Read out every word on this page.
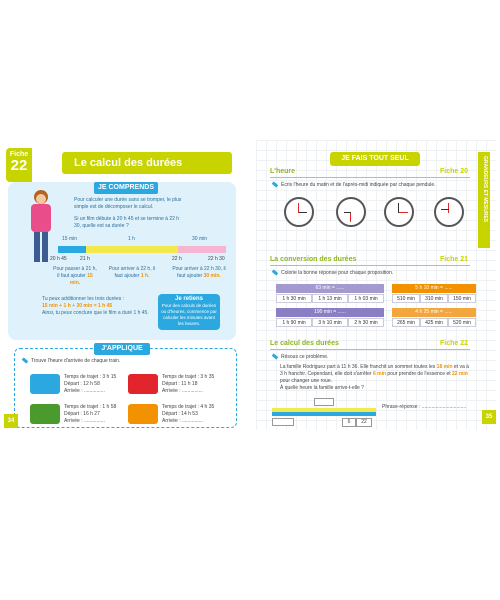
Fiche
22	Le calcul des durées
JE COMPRENDS
Pour calculer une durée sans se tromper, le plus simple est de décomposer le calcul.
Si un film débute à 20 h 45 et se termine à 22 h 30, quelle est sa durée ?
15 min	1 h	30 min
20 h 45	21 h	22 h	22 h 30
Pour passer à 21 h, il faut ajouter 15 min.
Pour arriver à 22 h, il faut ajouter 1 h.
Pour arriver à 22 h 30, il faut ajouter 30 min.
Tu peux additionner les trois durées :
15 min + 1 h + 30 min = 1 h 45
Ainsi, tu peux conclure que le film a duré 1 h 45.
Je retiens
Pour des calculs de durées ou d'heures, commence par calculer les minutes avant les heures.
J'APPLIQUE
Trouve l'heure d'arrivée de chaque train.
Temps de trajet : 3 h 15
Départ : 12 h 58
Arrivée : ...............
Temps de trajet : 3 h 35
Départ : 11 h 18
Arrivée : ...............
Temps de trajet : 1 h 58
Départ : 16 h 27
Arrivée : ...............
Temps de trajet : 4 h 35
Départ : 14 h 53
Arrivée : ...............
34
GRANDEURS ET MESURES
JE FAIS TOUT SEUL
L'heure	Fiche 20
Écris l'heure du matin et de l'après-midi indiquée par chaque pendule.
La conversion des durées	Fiche 21
Colorie la bonne réponse pour chaque proposition.
63 min = ......
1 h 30 min	1 h 13 min	1 h 03 min
5 h 10 min = ......
510 min	310 min	150 min
190 min = ......
1 h 90 min	3 h 10 min	2 h 30 min
4 h 25 min = ......
265 min	425 min	520 min
Le calcul des durées	Fiche 22
Résous ce problème.
La famille Rodriguez part à 11 h 36. Elle franchit un sommet toutes les 18 min et va à 3 h franchir. Cependant, elle doit s'arrêter 6 min pour prendre de l'essence et 22 min pour changer une roue.
À quelle heure la famille arrive-t-elle ?
6	22
Phrase-réponse : ................................
35
